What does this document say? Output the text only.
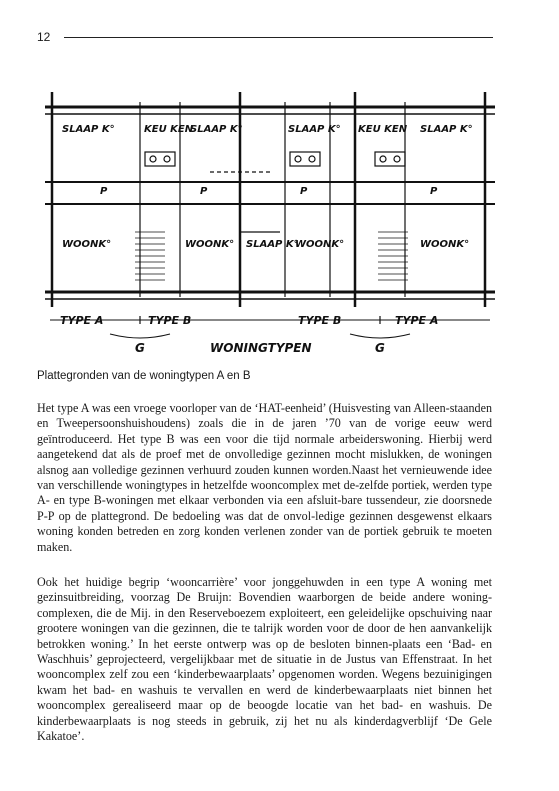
12
SLAAP K°	KEU KEN
SLAAP K°	SLAAP K° KEU KEN SLAAP K°
P	P	P	P
WOONK°	WOONK° SLAAP K°
WOONK°	WOONK°
TYPE A	TYPE B	TYPE B	TYPE A
G	G
WONINGTYPEN
Plattegronden van de woningtypen A en B

Het type A was een vroege voorloper van de ‘HAT-eenheid’ (Huisvesting van Alleen-staanden en Tweepersoonshuishoudens) zoals die in de jaren ’70 van de vorige eeuw werd geïntroduceerd. Het type B was een voor die tijd normale arbeiderswoning. Hierbij werd aangetekend dat als de proef met de onvolledige gezinnen mocht mislukken, de woningen alsnog aan volledige gezinnen verhuurd zouden kunnen worden.Naast het vernieuwende idee van verschillende woningtypes in hetzelfde wooncomplex met de-zelfde portiek, werden type A- en type B-woningen met elkaar verbonden via een afsluit-bare tussendeur, zie doorsnede P-P op de plattegrond. De bedoeling was dat de onvol-ledige gezinnen desgewenst elkaars woning konden betreden en zorg konden verlenen zonder van de portiek gebruik te moeten maken.

Ook het huidige begrip ‘wooncarrière’ voor jonggehuwden in een type A woning met gezinsuitbreiding, voorzag De Bruijn: Bovendien waarborgen de beide andere woning-complexen, die de Mij. in den Reserveboezem exploiteert, een geleidelijke opschuiving naar grootere woningen van die gezinnen, die te talrijk worden voor de door de hen aanvankelijk betrokken woning.’ In het eerste ontwerp was op de besloten binnen-plaats een ‘Bad- en Waschhuis’ geprojecteerd, vergelijkbaar met de situatie in de Justus van Effenstraat. In het wooncomplex zelf zou een ‘kinderbewaarplaats’ opgenomen worden. Wegens bezuinigingen kwam het bad- en washuis te vervallen en werd de kinderbewaarplaats niet binnen het wooncomplex gerealiseerd maar op de beoogde locatie van het bad- en washuis. De kinderbewaarplaats is nog steeds in gebruik, zij het nu als kinderdagverblijf ‘De Gele Kakatoe’.
